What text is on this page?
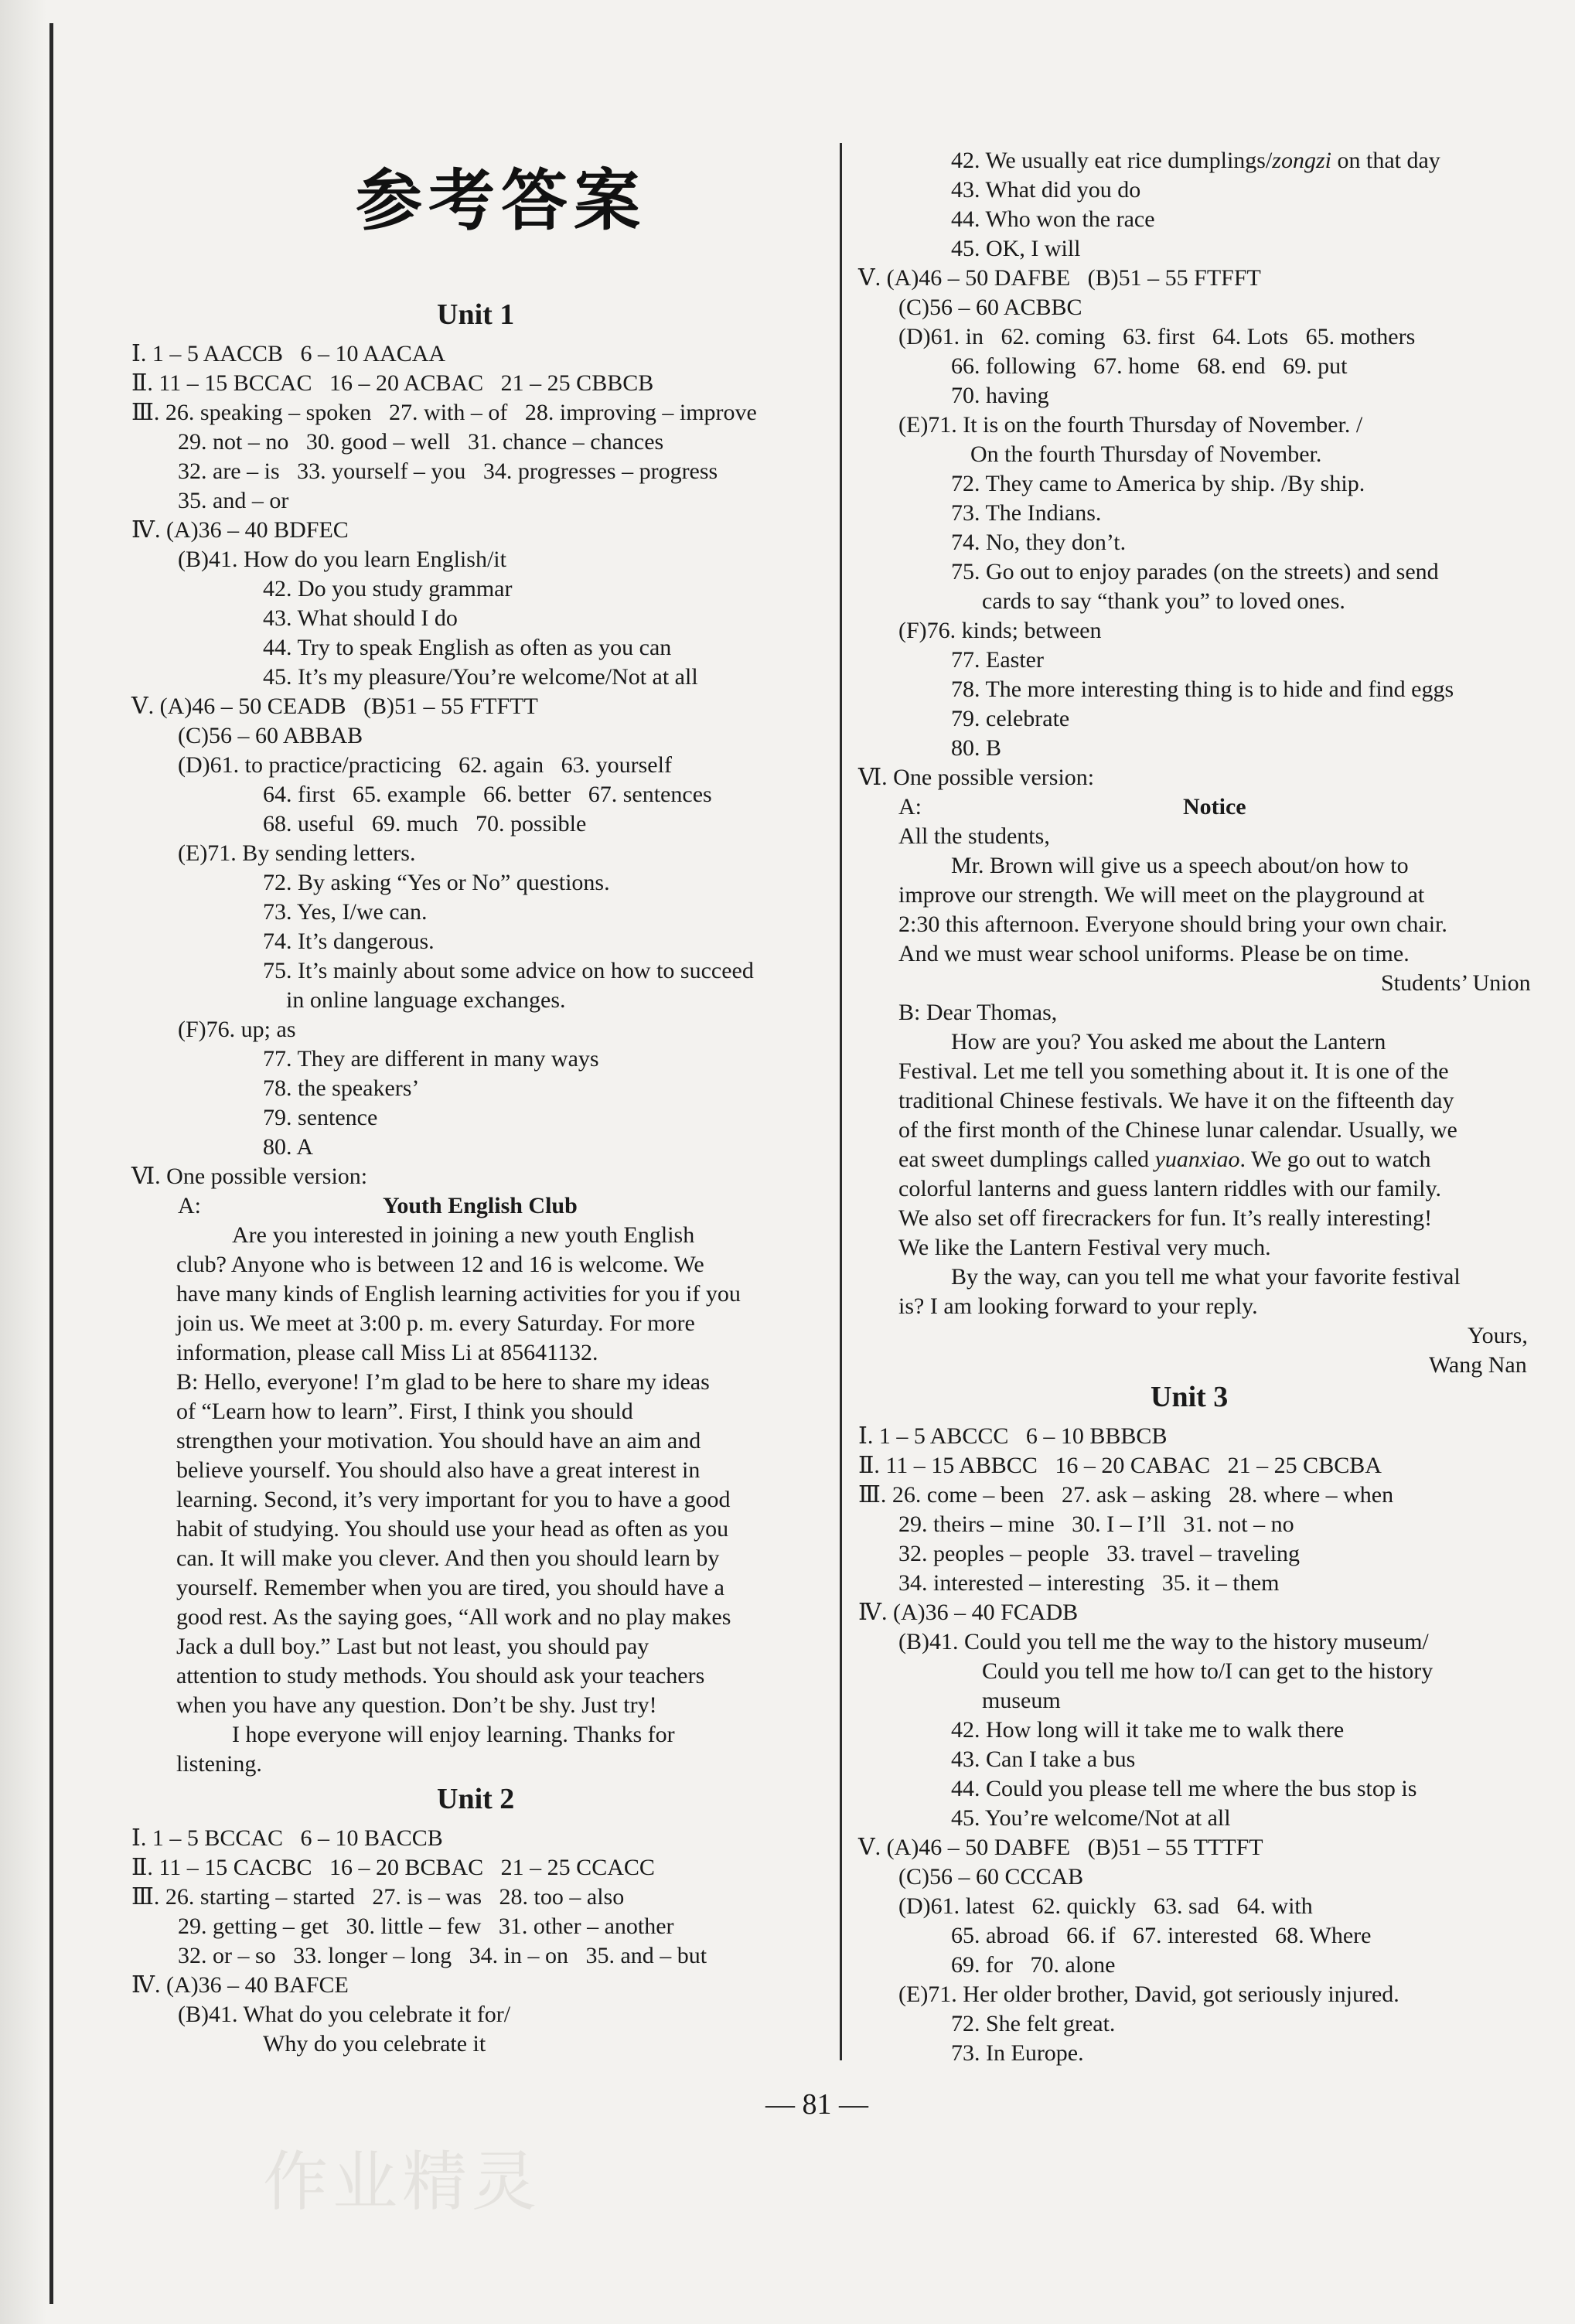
参考答案
Unit 1
Ⅰ. 1 – 5 AACCB   6 – 10 AACAA
Ⅱ. 11 – 15 BCCAC   16 – 20 ACBAC   21 – 25 CBBCB
Ⅲ. 26. speaking – spoken   27. with – of   28. improving – improve
29. not – no   30. good – well   31. chance – chances
32. are – is   33. yourself – you   34. progresses – progress
35. and – or
Ⅳ. (A)36 – 40 BDFEC
(B)41. How do you learn English/it
42. Do you study grammar
43. What should I do
44. Try to speak English as often as you can
45. It’s my pleasure/You’re welcome/Not at all
Ⅴ. (A)46 – 50 CEADB   (B)51 – 55 FTFTT
(C)56 – 60 ABBAB
(D)61. to practice/practicing   62. again   63. yourself
64. first   65. example   66. better   67. sentences
68. useful   69. much   70. possible
(E)71. By sending letters.
72. By asking “Yes or No” questions.
73. Yes, I/we can.
74. It’s dangerous.
75. It’s mainly about some advice on how to succeed
in online language exchanges.
(F)76. up; as
77. They are different in many ways
78. the speakers’
79. sentence
80. A
Ⅵ. One possible version:
A:	Youth English Club
Are you interested in joining a new youth English
club? Anyone who is between 12 and 16 is welcome. We
have many kinds of English learning activities for you if you
join us. We meet at 3:00 p. m. every Saturday. For more
information, please call Miss Li at 85641132.
B: Hello, everyone! I’m glad to be here to share my ideas
of “Learn how to learn”. First, I think you should
strengthen your motivation. You should have an aim and
believe yourself. You should also have a great interest in
learning. Second, it’s very important for you to have a good
habit of studying. You should use your head as often as you
can. It will make you clever. And then you should learn by
yourself. Remember when you are tired, you should have a
good rest. As the saying goes, “All work and no play makes
Jack a dull boy.” Last but not least, you should pay
attention to study methods. You should ask your teachers
when you have any question. Don’t be shy. Just try!
I hope everyone will enjoy learning. Thanks for
listening.
Unit 2
Ⅰ. 1 – 5 BCCAC   6 – 10 BACCB
Ⅱ. 11 – 15 CACBC   16 – 20 BCBAC   21 – 25 CCACC
Ⅲ. 26. starting – started   27. is – was   28. too – also
29. getting – get   30. little – few   31. other – another
32. or – so   33. longer – long   34. in – on   35. and – but
Ⅳ. (A)36 – 40 BAFCE
(B)41. What do you celebrate it for/
Why do you celebrate it
42. We usually eat rice dumplings/zongzi on that day
43. What did you do
44. Who won the race
45. OK, I will
Ⅴ. (A)46 – 50 DAFBE   (B)51 – 55 FTFFT
(C)56 – 60 ACBBC
(D)61. in   62. coming   63. first   64. Lots   65. mothers
66. following   67. home   68. end   69. put
70. having
(E)71. It is on the fourth Thursday of November. /
On the fourth Thursday of November.
72. They came to America by ship. /By ship.
73. The Indians.
74. No, they don’t.
75. Go out to enjoy parades (on the streets) and send
cards to say “thank you” to loved ones.
(F)76. kinds; between
77. Easter
78. The more interesting thing is to hide and find eggs
79. celebrate
80. B
Ⅵ. One possible version:
A:	Notice
All the students,
Mr. Brown will give us a speech about/on how to
improve our strength. We will meet on the playground at
2:30 this afternoon. Everyone should bring your own chair.
And we must wear school uniforms. Please be on time.
Students’ Union
B: Dear Thomas,
How are you? You asked me about the Lantern
Festival. Let me tell you something about it. It is one of the
traditional Chinese festivals. We have it on the fifteenth day
of the first month of the Chinese lunar calendar. Usually, we
eat sweet dumplings called yuanxiao. We go out to watch
colorful lanterns and guess lantern riddles with our family.
We also set off firecrackers for fun. It’s really interesting!
We like the Lantern Festival very much.
By the way, can you tell me what your favorite festival
is? I am looking forward to your reply.
Yours,
Wang Nan
Unit 3
Ⅰ. 1 – 5 ABCCC   6 – 10 BBBCB
Ⅱ. 11 – 15 ABBCC   16 – 20 CABAC   21 – 25 CBCBA
Ⅲ. 26. come – been   27. ask – asking   28. where – when
29. theirs – mine   30. I – I’ll   31. not – no
32. peoples – people   33. travel – traveling
34. interested – interesting   35. it – them
Ⅳ. (A)36 – 40 FCADB
(B)41. Could you tell me the way to the history museum/
Could you tell me how to/I can get to the history
museum
42. How long will it take me to walk there
43. Can I take a bus
44. Could you please tell me where the bus stop is
45. You’re welcome/Not at all
Ⅴ. (A)46 – 50 DABFE   (B)51 – 55 TTTFT
(C)56 – 60 CCCAB
(D)61. latest   62. quickly   63. sad   64. with
65. abroad   66. if   67. interested   68. Where
69. for   70. alone
(E)71. Her older brother, David, got seriously injured.
72. She felt great.
73. In Europe.
— 81 —
作业精灵
